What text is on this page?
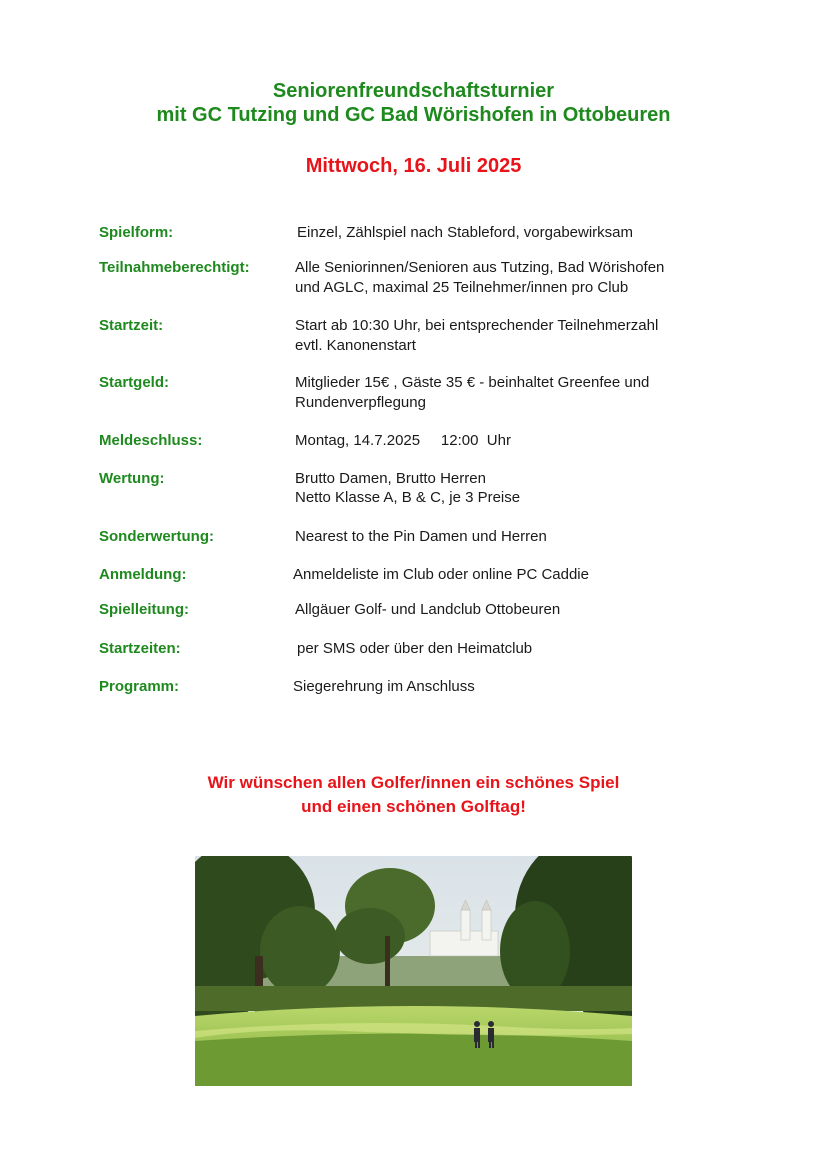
Seniorenfreundschaftsturnier
mit GC Tutzing und GC Bad Wörishofen in Ottobeuren
Mittwoch, 16. Juli 2025
Spielform:	Einzel, Zählspiel nach Stableford, vorgabewirksam
Teilnahmeberechtigt:	Alle Seniorinnen/Senioren aus Tutzing, Bad Wörishofen
und AGLC, maximal 25 Teilnehmer/innen pro Club
Startzeit:	Start ab 10:30 Uhr, bei entsprechender Teilnehmerzahl
evtl. Kanonenstart
Startgeld:	Mitglieder 15€ , Gäste 35 € - beinhaltet Greenfee und
Rundenverpflegung
Meldeschluss:	Montag, 14.7.2025     12:00  Uhr
Wertung:	Brutto Damen, Brutto Herren
Netto Klasse A, B & C, je 3 Preise
Sonderwertung:	Nearest to the Pin Damen und Herren
Anmeldung:	Anmeldeliste im Club oder online PC Caddie
Spielleitung:	Allgäuer Golf- und Landclub Ottobeuren
Startzeiten:	per SMS oder über den Heimatclub
Programm:	Siegerehrung im Anschluss

Wir wünschen allen Golfer/innen ein schönes Spiel

und einen schönen Golftag!
